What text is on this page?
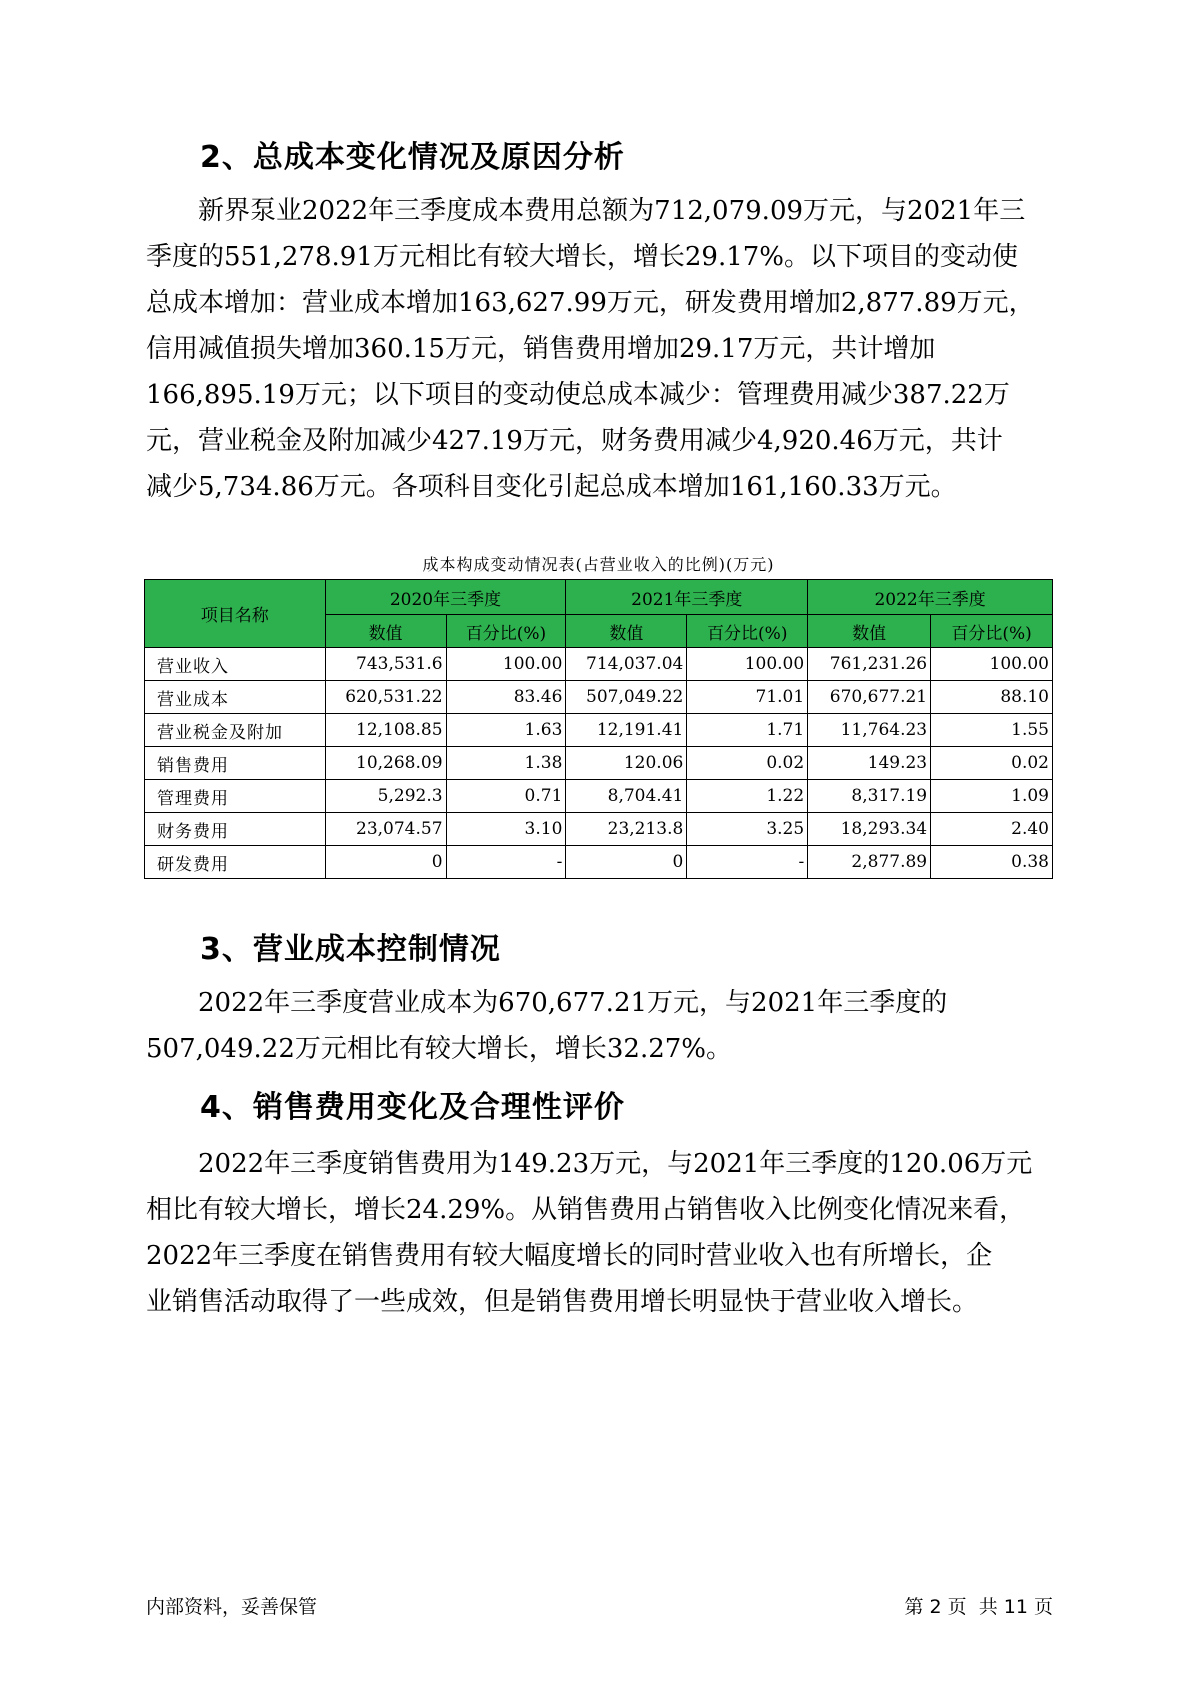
2、总成本变化情况及原因分析
新界泵业2022年三季度成本费用总额为712,079.09万元，与2021年三
季度的551,278.91万元相比有较大增长，增长29.17%。以下项目的变动使
总成本增加：营业成本增加163,627.99万元，研发费用增加2,877.89万元，
信用减值损失增加360.15万元，销售费用增加29.17万元，共计增加
166,895.19万元；以下项目的变动使总成本减少：管理费用减少387.22万
元，营业税金及附加减少427.19万元，财务费用减少4,920.46万元，共计
减少5,734.86万元。各项科目变化引起总成本增加161,160.33万元。
成本构成变动情况表(占营业收入的比例)(万元)
项目名称	2020年三季度		2021年三季度		2022年三季度	
	数值	百分比(%)	数值	百分比(%)	数值	百分比(%)
营业收入	743,531.6	100.00	714,037.04	100.00	761,231.26	100.00
营业成本	620,531.22	83.46	507,049.22	71.01	670,677.21	88.10
营业税金及附加	12,108.85	1.63	12,191.41	1.71	11,764.23	1.55
销售费用	10,268.09	1.38	120.06	0.02	149.23	0.02
管理费用	5,292.3	0.71	8,704.41	1.22	8,317.19	1.09
财务费用	23,074.57	3.10	23,213.8	3.25	18,293.34	2.40
研发费用	0	-	0	-	2,877.89	0.38
3、营业成本控制情况
2022年三季度营业成本为670,677.21万元，与2021年三季度的
507,049.22万元相比有较大增长，增长32.27%。
4、销售费用变化及合理性评价
2022年三季度销售费用为149.23万元，与2021年三季度的120.06万元
相比有较大增长，增长24.29%。从销售费用占销售收入比例变化情况来看，
2022年三季度在销售费用有较大幅度增长的同时营业收入也有所增长，企
业销售活动取得了一些成效，但是销售费用增长明显快于营业收入增长。
内部资料，妥善保管	第 2 页  共 11 页
